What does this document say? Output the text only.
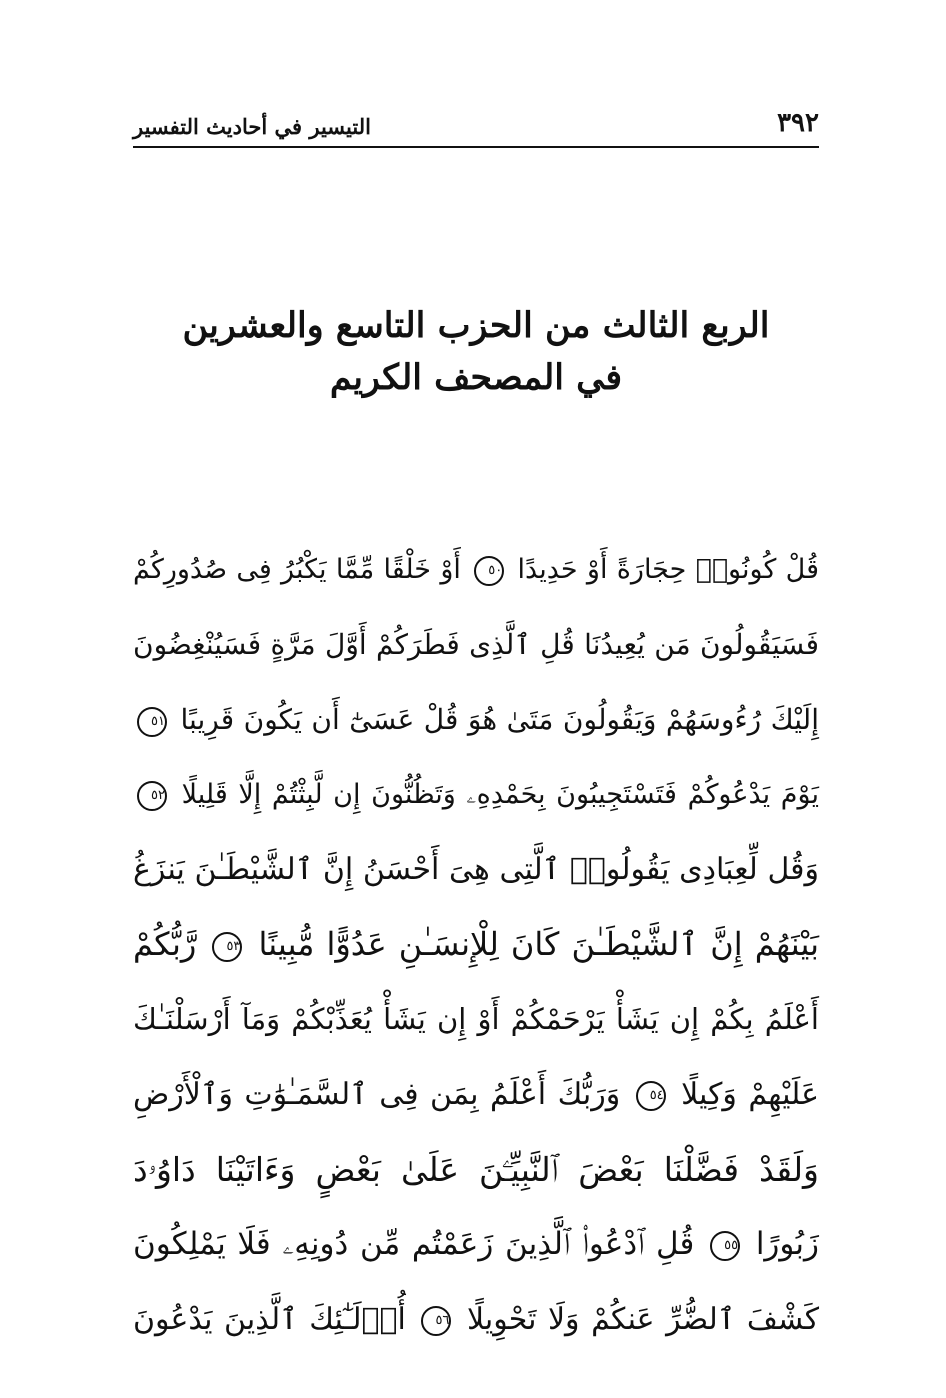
٣٩٢
التيسير في أحاديث التفسير
الربع الثالث من الحزب التاسع والعشرين
في المصحف الكريم
قُلْ كُونُوا۟ حِجَارَةً أَوْ حَدِيدًا ٥٠ أَوْ خَلْقًا مِّمَّا يَكْبُرُ فِى صُدُورِكُمْ
فَسَيَقُولُونَ مَن يُعِيدُنَا قُلِ ٱلَّذِى فَطَرَكُمْ أَوَّلَ مَرَّةٍ فَسَيُنْغِضُونَ
إِلَيْكَ رُءُوسَهُمْ وَيَقُولُونَ مَتَىٰ هُوَ قُلْ عَسَىٰٓ أَن يَكُونَ قَرِيبًا ٥١
يَوْمَ يَدْعُوكُمْ فَتَسْتَجِيبُونَ بِحَمْدِهِۦ وَتَظُنُّونَ إِن لَّبِثْتُمْ إِلَّا قَلِيلًا ٥٢
وَقُل لِّعِبَادِى يَقُولُوا۟ ٱلَّتِى هِىَ أَحْسَنُ إِنَّ ٱلشَّيْطَـٰنَ يَنزَغُ
بَيْنَهُمْ إِنَّ ٱلشَّيْطَـٰنَ كَانَ لِلْإِنسَـٰنِ عَدُوًّا مُّبِينًا ٥٣ رَّبُّكُمْ
أَعْلَمُ بِكُمْ إِن يَشَأْ يَرْحَمْكُمْ أَوْ إِن يَشَأْ يُعَذِّبْكُمْ وَمَآ أَرْسَلْنَـٰكَ
عَلَيْهِمْ وَكِيلًا ٥٤ وَرَبُّكَ أَعْلَمُ بِمَن فِى ٱلسَّمَـٰوَٰتِ وَٱلْأَرْضِ
وَلَقَدْ فَضَّلْنَا بَعْضَ ٱلنَّبِيِّـۧنَ عَلَىٰ بَعْضٍ وَءَاتَيْنَا دَاوُۥدَ
زَبُورًا ٥٥ قُلِ ٱدْعُوا۟ ٱلَّذِينَ زَعَمْتُم مِّن دُونِهِۦ فَلَا يَمْلِكُونَ
كَشْفَ ٱلضُّرِّ عَنكُمْ وَلَا تَحْوِيلًا ٥٦ أُو۟لَـٰٓئِكَ ٱلَّذِينَ يَدْعُونَ
